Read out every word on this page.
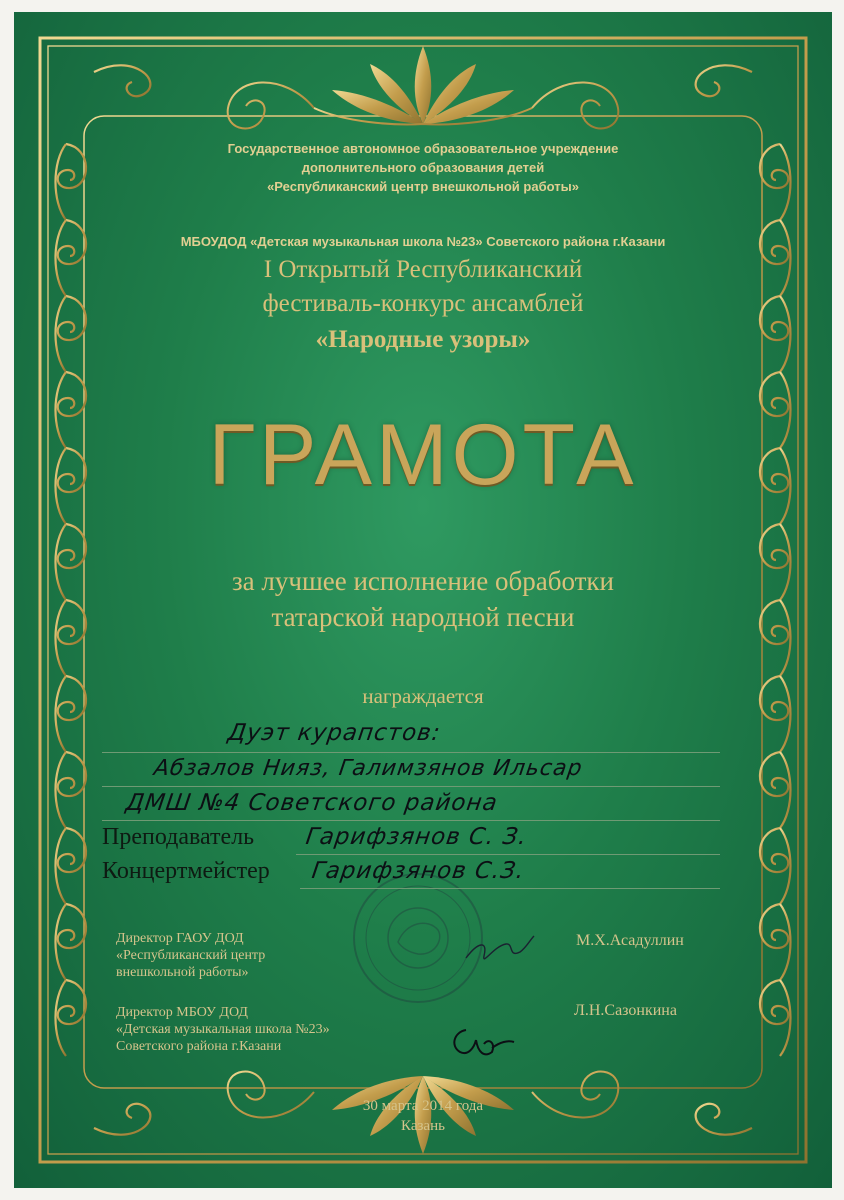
Государственное автономное образовательное учреждение

дополнительного образования детей

«Республиканский центр внешкольной работы»

МБОУДОД «Детская музыкальная школа №23» Советского района г.Казани

I Открытый Республиканский

фестиваль-конкурс ансамблей

«Народные узоры»

ГРАМОТА

за лучшее исполнение обработки

татарской народной песни

награждается

Дуэт курапстов:
Абзалов Нияз, Галимзянов Ильсар
ДМШ №4 Советского района
Преподаватель Гарифзянов С. З.
Концертмейстер Гарифзянов С.З.
Директор ГАОУ ДОД
«Республиканский центр
внешкольной работы»
М.Х.Асадуллин
Директор МБОУ ДОД
«Детская музыкальная школа №23»
Советского района г.Казани
Л.Н.Сазонкина

30 марта 2014 года

Казань
